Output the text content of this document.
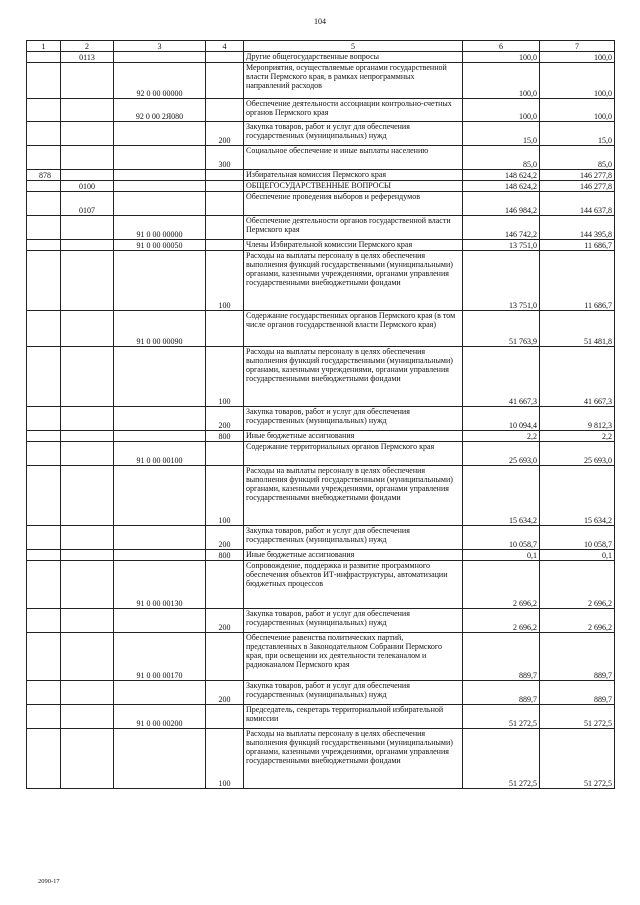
104
1	2	3	4	5	6	7
	0113			Другие общегосударственные вопросы	100,0	100,0
		92 0 00 00000		Мероприятия, осуществляемые органами государственной власти Пермского края, в рамках непрограммных направлений расходов	100,0	100,0
		92 0 00 2Я080		Обеспечение деятельности ассоциации контрольно-счетных органов Пермского края	100,0	100,0
			200	Закупка товаров, работ и услуг для обеспечения государственных (муниципальных) нужд	15,0	15,0
			300	Социальное обеспечение и иные выплаты населению	85,0	85,0
878				Избирательная комиссия Пермского края	148 624,2	146 277,8
	0100			ОБЩЕГОСУДАРСТВЕННЫЕ ВОПРОСЫ	148 624,2	146 277,8
	0107			Обеспечение проведения выборов и референдумов	146 984,2	144 637,8
		91 0 00 00000		Обеспечение деятельности органов государственной власти Пермского края	146 742,2	144 395,8
		91 0 00 00050		Члены Избирательной комиссии Пермского края	13 751,0	11 686,7
			100	Расходы на выплаты персоналу в целях обеспечения выполнения функций государственными (муниципальными) органами, казенными учреждениями, органами управления государственными внебюджетными фондами	13 751,0	11 686,7
		91 0 00 00090		Содержание государственных органов Пермского края (в том числе органов государственной власти Пермского края)	51 763,9	51 481,8
			100	Расходы на выплаты персоналу в целях обеспечения выполнения функций государственными (муниципальными) органами, казенными учреждениями, органами управления государственными внебюджетными фондами	41 667,3	41 667,3
			200	Закупка товаров, работ и услуг для обеспечения государственных (муниципальных) нужд	10 094,4	9 812,3
			800	Иные бюджетные ассигнования	2,2	2,2
		91 0 00 00100		Содержание территориальных органов Пермского края	25 693,0	25 693,0
			100	Расходы на выплаты персоналу в целях обеспечения выполнения функций государственными (муниципальными) органами, казенными учреждениями, органами управления государственными внебюджетными фондами	15 634,2	15 634,2
			200	Закупка товаров, работ и услуг для обеспечения государственных (муниципальных) нужд	10 058,7	10 058,7
			800	Иные бюджетные ассигнования	0,1	0,1
		91 0 00 00130		Сопровождение, поддержка и развитие программного обеспечения объектов ИТ-инфраструктуры, автоматизации бюджетных процессов	2 696,2	2 696,2
			200	Закупка товаров, работ и услуг для обеспечения государственных (муниципальных) нужд	2 696,2	2 696,2
		91 0 00 00170		Обеспечение равенства политических партий, представленных в Законодательном Собрании Пермского края, при освещении их деятельности телеканалом и радиоканалом Пермского края	889,7	889,7
			200	Закупка товаров, работ и услуг для обеспечения государственных (муниципальных) нужд	889,7	889,7
		91 0 00 00200		Председатель, секретарь территориальной избирательной комиссии	51 272,5	51 272,5
			100	Расходы на выплаты персоналу в целях обеспечения выполнения функций государственными (муниципальными) органами, казенными учреждениями, органами управления государственными внебюджетными фондами	51 272,5	51 272,5
2090-17
